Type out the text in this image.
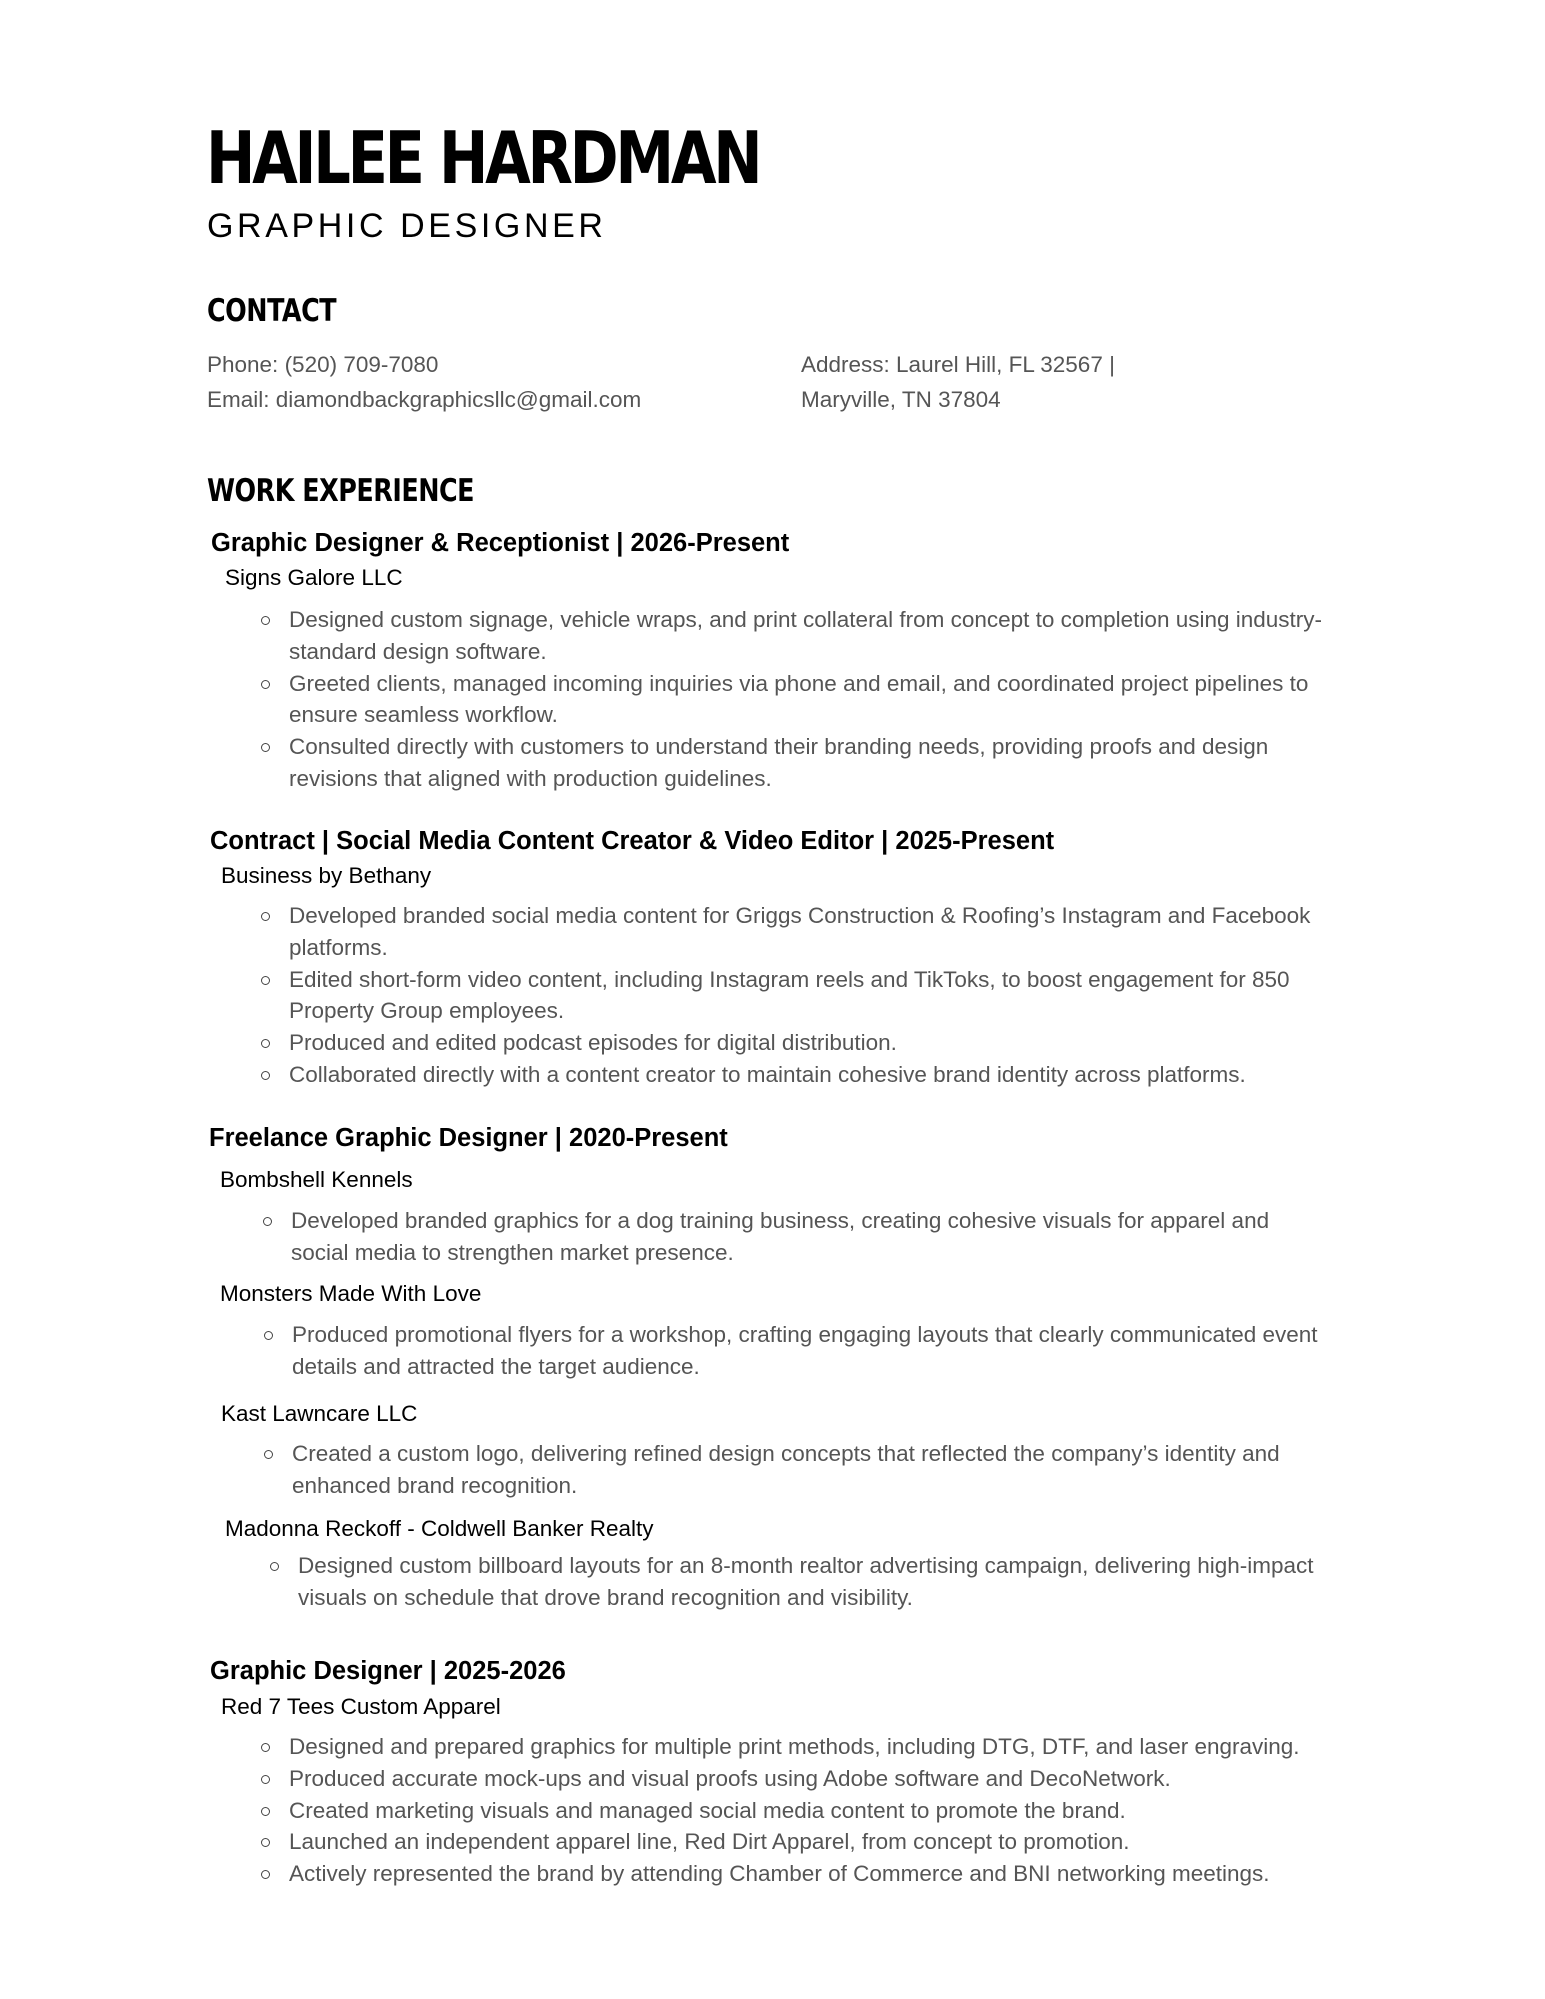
HAILEE HARDMAN
GRAPHIC DESIGNER
CONTACT
Phone: (520) 709-7080
Email: diamondbackgraphicsllc@gmail.com
Address: Laurel Hill, FL 32567 |
Maryville, TN 37804
WORK EXPERIENCE
Graphic Designer & Receptionist | 2026-Present
Signs Galore LLC
Designed custom signage, vehicle wraps, and print collateral from concept to completion using industry-standard design software.
Greeted clients, managed incoming inquiries via phone and email, and coordinated project pipelines to ensure seamless workflow.
Consulted directly with customers to understand their branding needs, providing proofs and design revisions that aligned with production guidelines.
Contract | Social Media Content Creator & Video Editor | 2025-Present
Business by Bethany
Developed branded social media content for Griggs Construction & Roofing’s Instagram and Facebook platforms.
Edited short-form video content, including Instagram reels and TikToks, to boost engagement for 850 Property Group employees.
Produced and edited podcast episodes for digital distribution.
Collaborated directly with a content creator to maintain cohesive brand identity across platforms.
Freelance Graphic Designer | 2020-Present
Bombshell Kennels
Developed branded graphics for a dog training business, creating cohesive visuals for apparel and social media to strengthen market presence.
Monsters Made With Love
Produced promotional flyers for a workshop, crafting engaging layouts that clearly communicated event details and attracted the target audience.
Kast Lawncare LLC
Created a custom logo, delivering refined design concepts that reflected the company’s identity and enhanced brand recognition.
Madonna Reckoff - Coldwell Banker Realty
Designed custom billboard layouts for an 8-month realtor advertising campaign, delivering high-impact visuals on schedule that drove brand recognition and visibility.
Graphic Designer | 2025-2026
Red 7 Tees Custom Apparel
Designed and prepared graphics for multiple print methods, including DTG, DTF, and laser engraving.
Produced accurate mock-ups and visual proofs using Adobe software and DecoNetwork.
Created marketing visuals and managed social media content to promote the brand.
Launched an independent apparel line, Red Dirt Apparel, from concept to promotion.
Actively represented the brand by attending Chamber of Commerce and BNI networking meetings.
